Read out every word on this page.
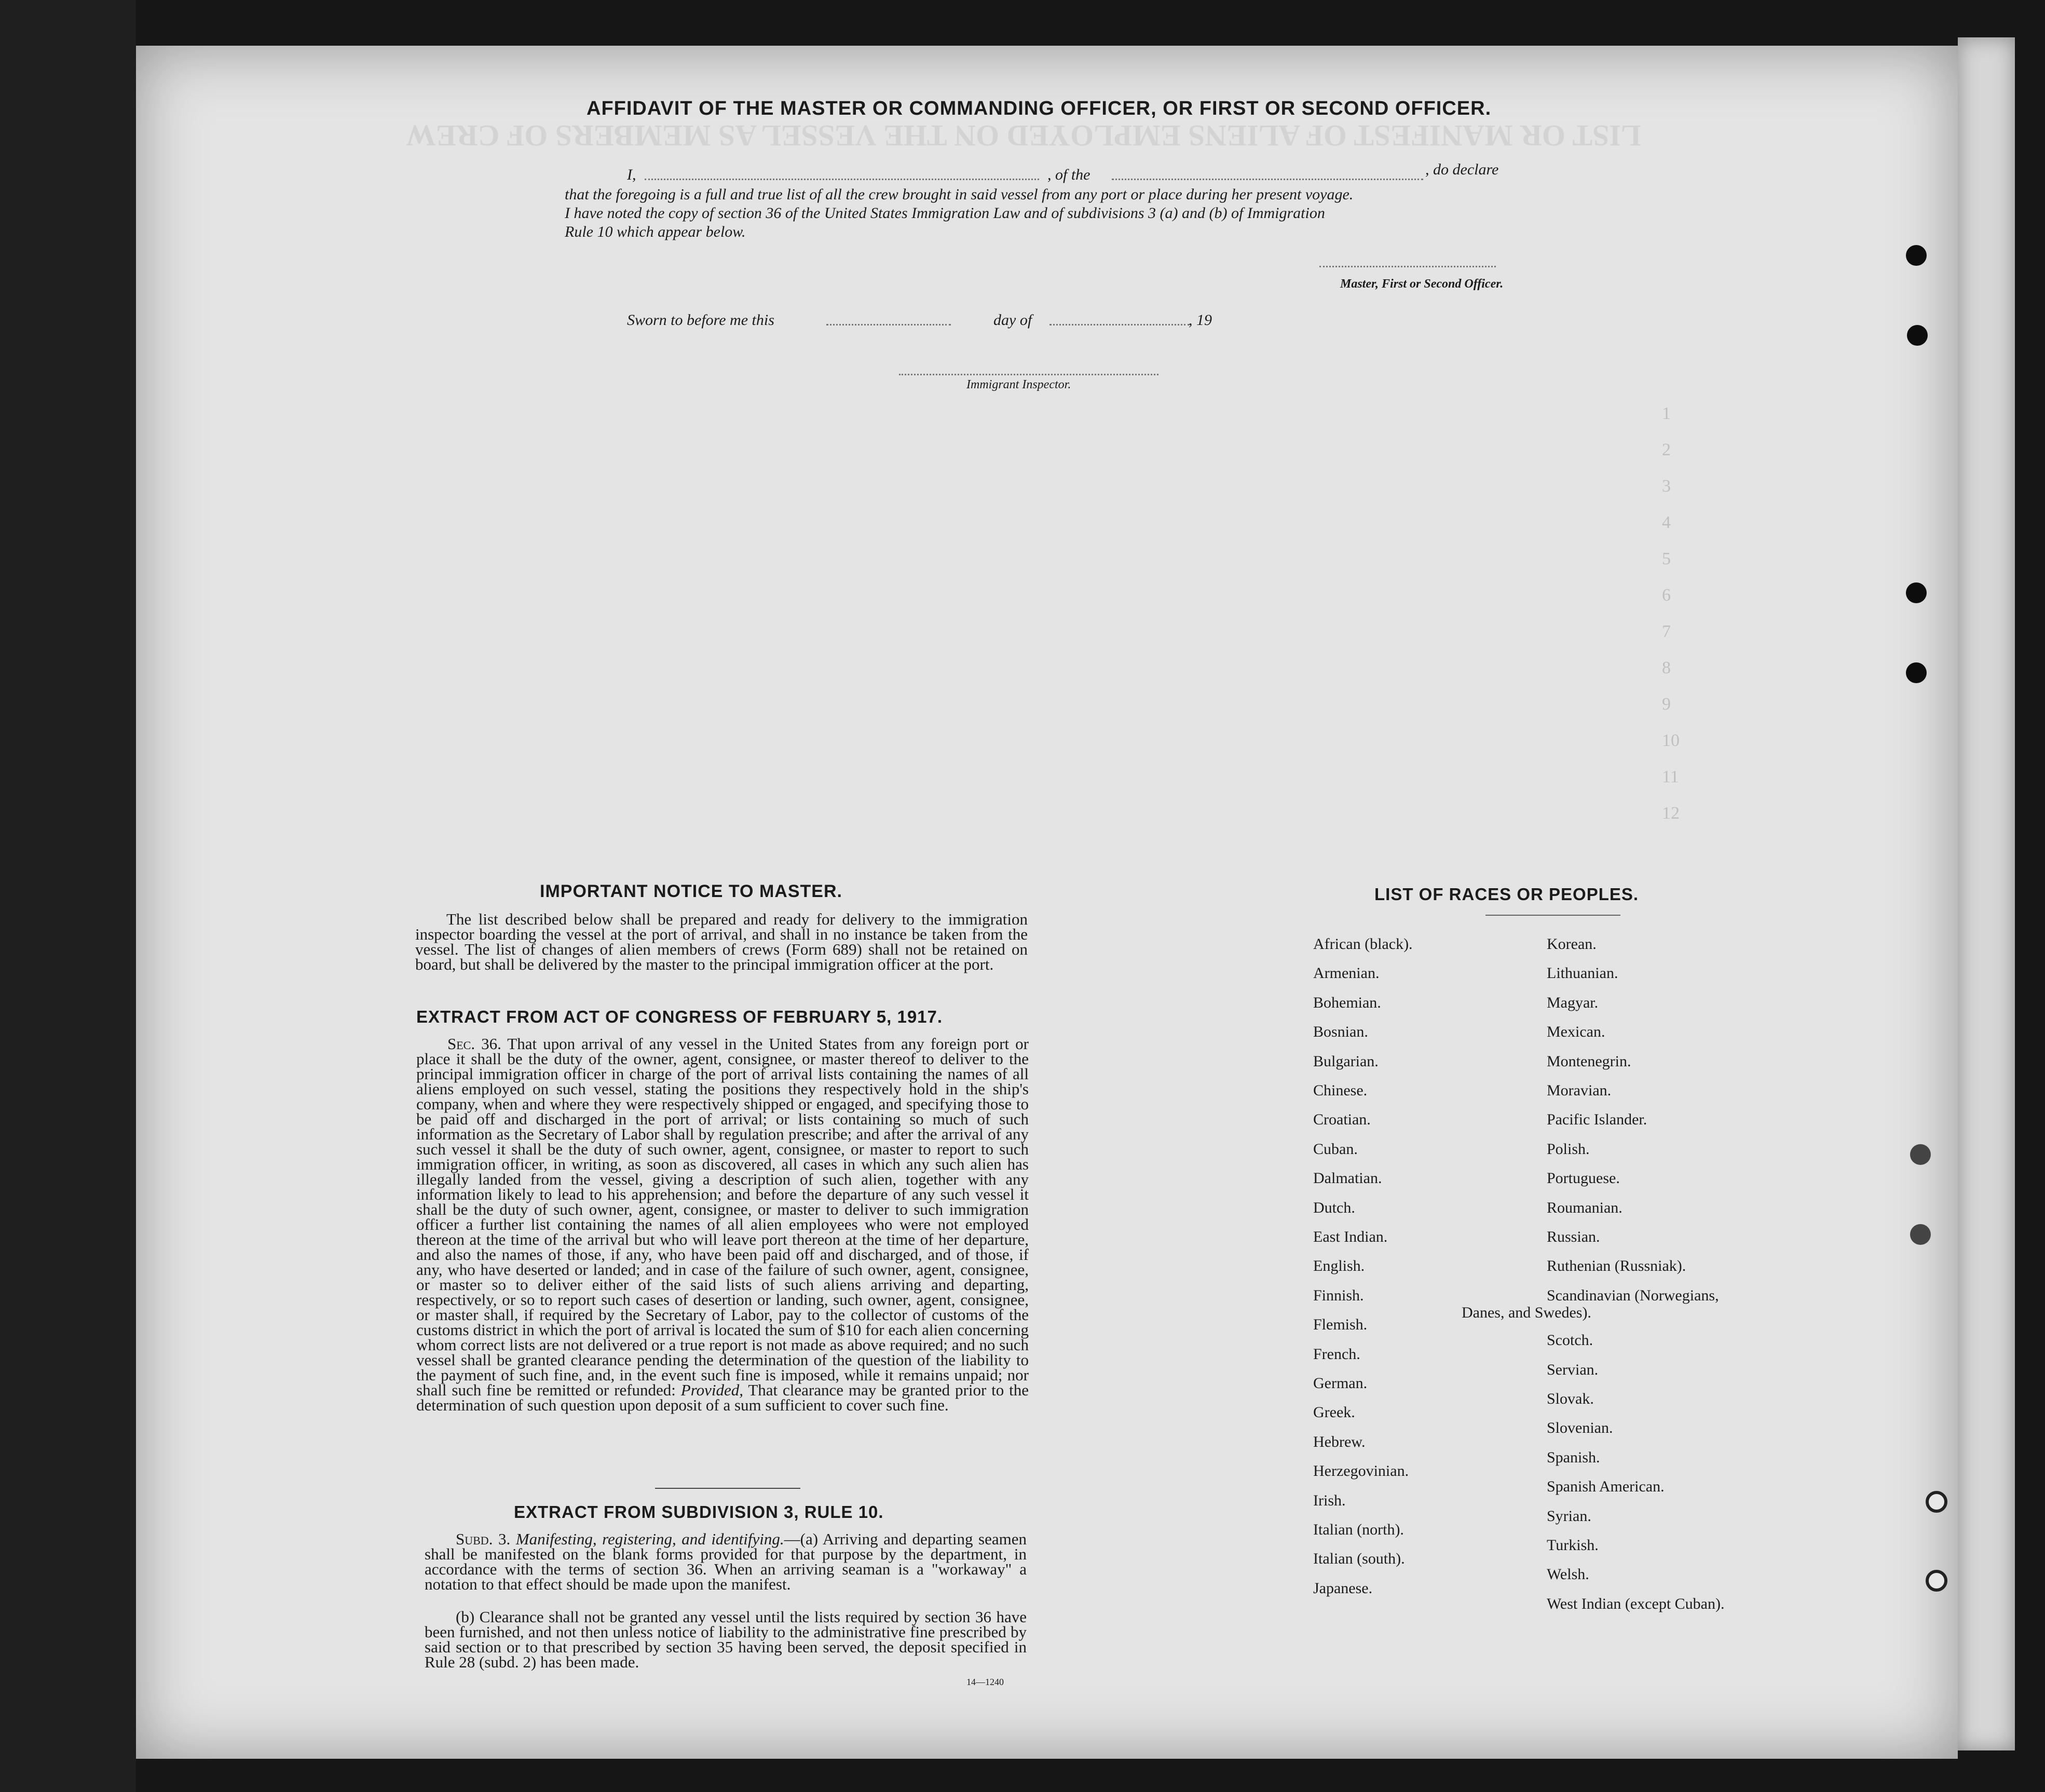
LIST OR MANIFEST OF ALIENS EMPLOYED ON THE VESSEL AS MEMBERS OF CREW
1
2
3
4
5
6
7
8
9
10
11
12
AFFIDAVIT OF THE MASTER OR COMMANDING OFFICER, OR FIRST OR SECOND OFFICER.
I,	, of the	, do declare
that the foregoing is a full and true list of all the crew brought in said vessel from any port or place during her present voyage.
I have noted the copy of section 36 of the United States Immigration Law and of subdivisions 3 (a) and (b) of Immigration
Rule 10 which appear below.
Master, First or Second Officer.
Sworn to before me this	day of	, 19
Immigrant Inspector.
IMPORTANT NOTICE TO MASTER.
The list described below shall be prepared and ready for delivery to the immigration inspector boarding the vessel at the port of arrival, and shall in no instance be taken from the vessel. The list of changes of alien members of crews (Form 689) shall not be retained on board, but shall be delivered by the master to the principal immigration officer at the port.
EXTRACT FROM ACT OF CONGRESS OF FEBRUARY 5, 1917.
Sec. 36. That upon arrival of any vessel in the United States from any foreign port or place it shall be the duty of the owner, agent, consignee, or master thereof to deliver to the principal immigration officer in charge of the port of arrival lists containing the names of all aliens employed on such vessel, stating the positions they respectively hold in the ship's company, when and where they were respectively shipped or engaged, and specifying those to be paid off and discharged in the port of arrival; or lists containing so much of such information as the Secretary of Labor shall by regulation prescribe; and after the arrival of any such vessel it shall be the duty of such owner, agent, consignee, or master to report to such immigration officer, in writing, as soon as discovered, all cases in which any such alien has illegally landed from the vessel, giving a description of such alien, together with any information likely to lead to his apprehension; and before the departure of any such vessel it shall be the duty of such owner, agent, consignee, or master to deliver to such immigration officer a further list containing the names of all alien employees who were not employed thereon at the time of the arrival but who will leave port thereon at the time of her departure, and also the names of those, if any, who have been paid off and discharged, and of those, if any, who have deserted or landed; and in case of the failure of such owner, agent, consignee, or master so to deliver either of the said lists of such aliens arriving and departing, respectively, or so to report such cases of desertion or landing, such owner, agent, consignee, or master shall, if required by the Secretary of Labor, pay to the collector of customs of the customs district in which the port of arrival is located the sum of $10 for each alien concerning whom correct lists are not delivered or a true report is not made as above required; and no such vessel shall be granted clearance pending the determination of the question of the liability to the payment of such fine, and, in the event such fine is imposed, while it remains unpaid; nor shall such fine be remitted or refunded: Provided, That clearance may be granted prior to the determination of such question upon deposit of a sum sufficient to cover such fine.
EXTRACT FROM SUBDIVISION 3, RULE 10.
Subd. 3. Manifesting, registering, and identifying.—(a) Arriving and departing seamen shall be manifested on the blank forms provided for that purpose by the department, in accordance with the terms of section 36. When an arriving seaman is a "workaway" a notation to that effect should be made upon the manifest.
(b) Clearance shall not be granted any vessel until the lists required by section 36 have been furnished, and not then unless notice of liability to the administrative fine prescribed by said section or to that prescribed by section 35 having been served, the deposit specified in Rule 28 (subd. 2) has been made.
14—1240
LIST OF RACES OR PEOPLES.
African (black).
Armenian.
Bohemian.
Bosnian.
Bulgarian.
Chinese.
Croatian.
Cuban.
Dalmatian.
Dutch.
East Indian.
English.
Finnish.
Flemish.
French.
German.
Greek.
Hebrew.
Herzegovinian.
Irish.
Italian (north).
Italian (south).
Japanese.
Korean.
Lithuanian.
Magyar.
Mexican.
Montenegrin.
Moravian.
Pacific Islander.
Polish.
Portuguese.
Roumanian.
Russian.
Ruthenian (Russniak).
Scandinavian (Norwegians,
Scotch.
Servian.
Slovak.
Slovenian.
Spanish.
Spanish American.
Syrian.
Turkish.
Welsh.
West Indian (except Cuban).
Danes, and Swedes).
